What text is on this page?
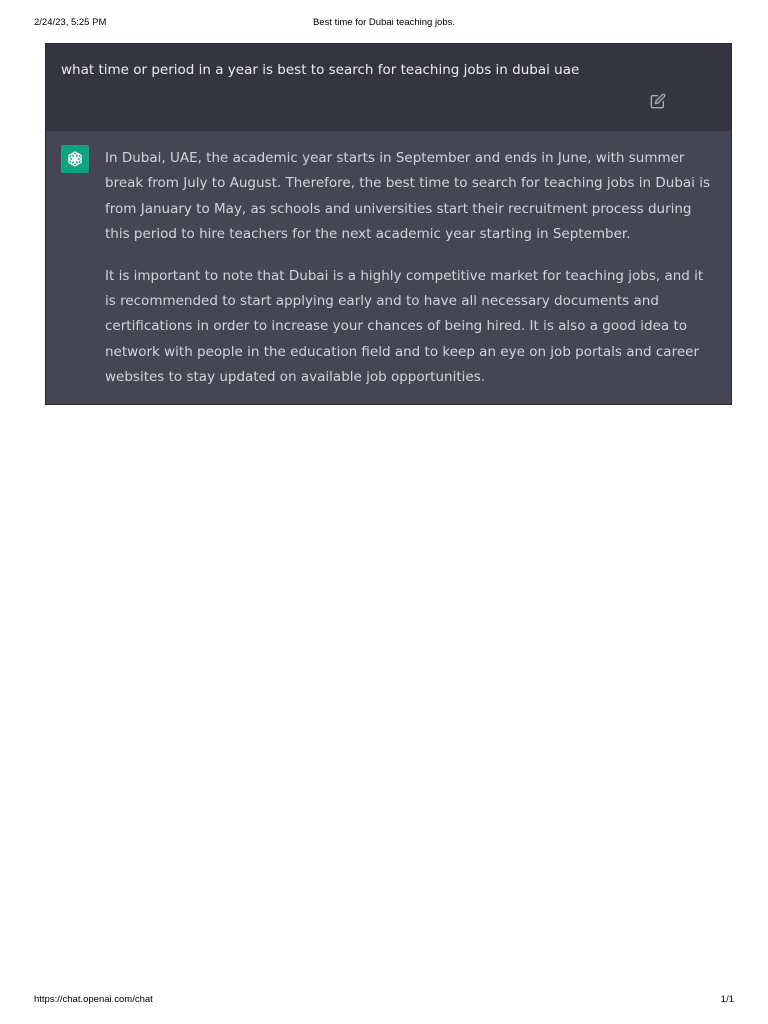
2/24/23, 5:25 PM	Best time for Dubai teaching jobs.
what time or period in a year is best to search for teaching jobs in dubai uae

In Dubai, UAE, the academic year starts in September and ends in June, with summer break from July to August. Therefore, the best time to search for teaching jobs in Dubai is from January to May, as schools and universities start their recruitment process during this period to hire teachers for the next academic year starting in September.

It is important to note that Dubai is a highly competitive market for teaching jobs, and it is recommended to start applying early and to have all necessary documents and certifications in order to increase your chances of being hired. It is also a good idea to network with people in the education field and to keep an eye on job portals and career websites to stay updated on available job opportunities.

https://chat.openai.com/chat	1/1
